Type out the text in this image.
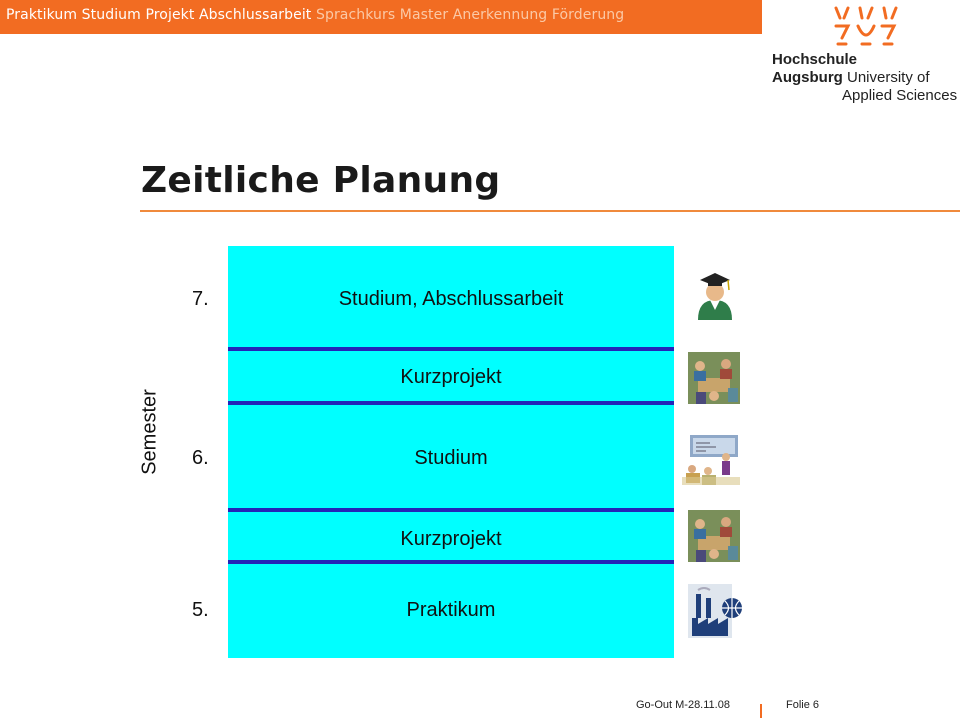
Praktikum Studium Projekt Abschlussarbeit Sprachkurs Master Anerkennung Förderung
Hochschule
Augsburg University of
Applied Sciences
Zeitliche Planung
Semester
7.
6.
5.
Studium, Abschlussarbeit
Kurzprojekt
Studium
Kurzprojekt
Praktikum
Go-Out M-28.11.08	Folie 6
